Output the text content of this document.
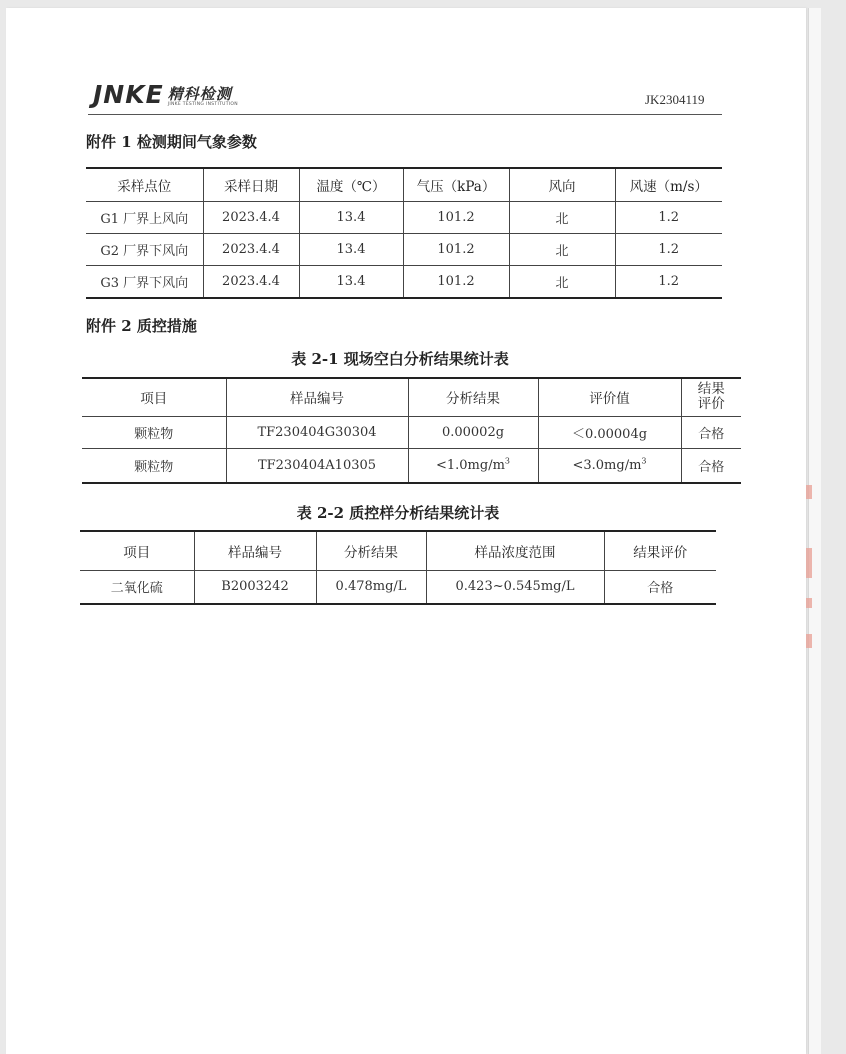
JNKE 精科检测
JINKE TESTING INSTITUTION	JK2304119
附件 1 检测期间气象参数
采样点位	采样日期	温度（℃）	气压（kPa）	风向	风速（m/s）
G1 厂界上风向	2023.4.4	13.4	101.2	北	1.2
G2 厂界下风向	2023.4.4	13.4	101.2	北	1.2
G3 厂界下风向	2023.4.4	13.4	101.2	北	1.2
附件 2 质控措施
表 2-1 现场空白分析结果统计表
项目	样品编号	分析结果	评价值	结果
评价
颗粒物	TF230404G30304	0.00002g	＜0.00004g	合格
颗粒物	TF230404A10305	$<1.0mg/m^3$	$<3.0mg/m^3$	合格
表 2-2 质控样分析结果统计表
项目	样品编号	分析结果	样品浓度范围	结果评价
二氧化硫	B2003242	0.478mg/L	0.423~0.545mg/L	合格
